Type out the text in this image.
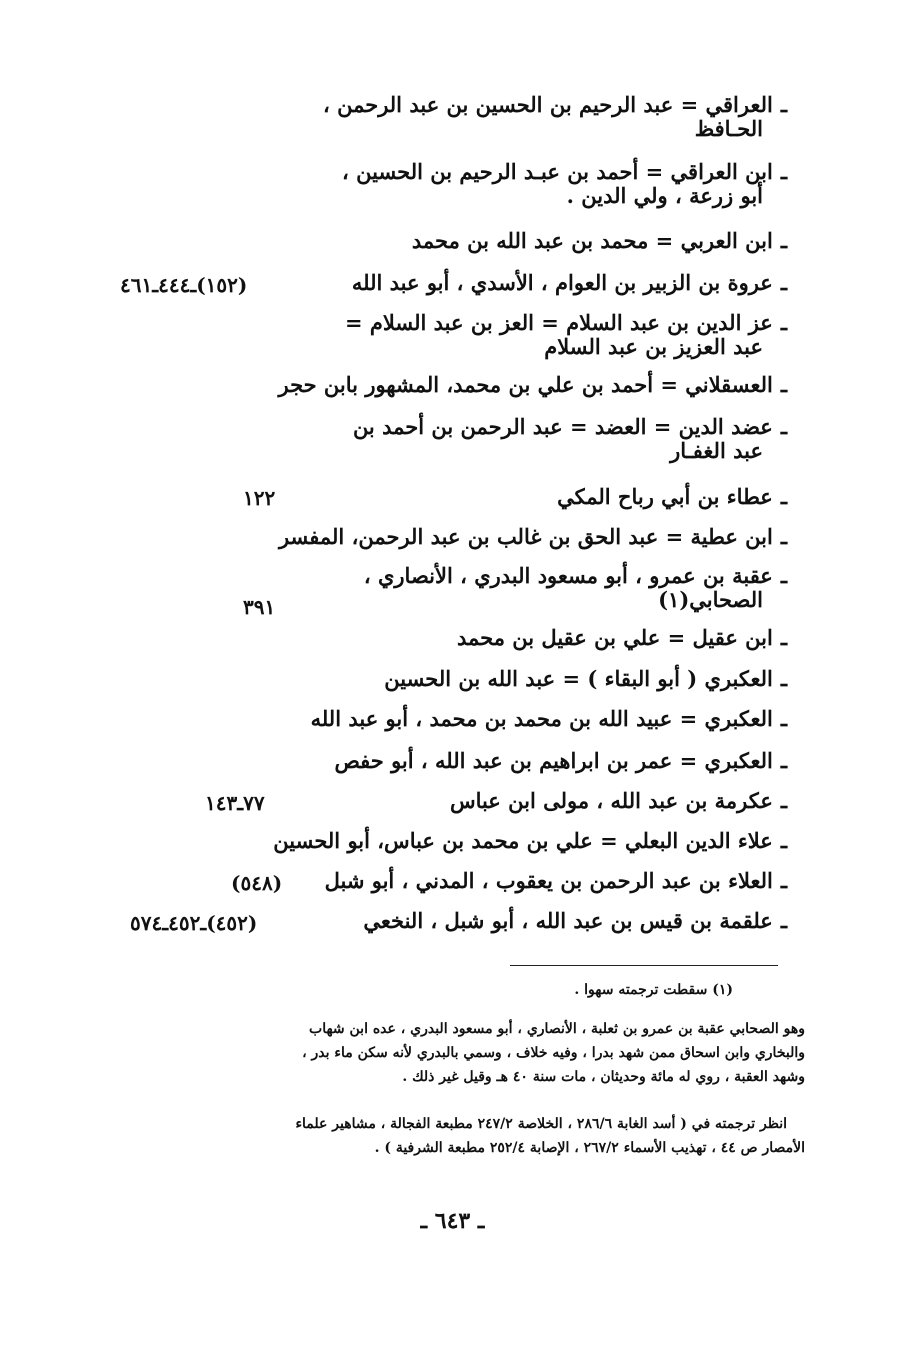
ـالعراقي = عبد الرحيم بن الحسين بن عبد الرحمن ،
الحـافظ
ـابن العراقي = أحمد بن عبـد الرحيم بن الحسين ،
أبو زرعة ، ولي الدين .
ـابن العربي = محمد بن عبد الله بن محمد
ـعروة بن الزبير بن العوام ، الأسدي ، أبو عبد الله
(١٥٢)ـ٤٤٤ـ٤٦١
ـعز الدين بن عبد السلام = العز بن عبد السلام =
عبد العزيز بن عبد السلام
ـالعسقلاني = أحمد بن علي بن محمد، المشهور بابن حجر
ـعضد الدين = العضد = عبد الرحمن بن أحمد بن
عبد الغفـار
ـعطاء بن أبي رباح المكي
١٢٢
ـابن عطية = عبد الحق بن غالب بن عبد الرحمن، المفسر
ـعقبة بن عمرو ، أبو مسعود البدري ، الأنصاري ،
الصحابي(١)
٣٩١
ـابن عقيل = علي بن عقيل بن محمد
ـالعكبري ( أبو البقاء ) = عبد الله بن الحسين
ـالعكبري = عبيد الله بن محمد بن محمد ، أبو عبد الله
ـالعكبري = عمر بن ابراهيم بن عبد الله ، أبو حفص
ـعكرمة بن عبد الله ، مولى ابن عباس
٧٧ـ١٤٣
ـعلاء الدين البعلي = علي بن محمد بن عباس، أبو الحسين
ـالعلاء بن عبد الرحمن بن يعقوب ، المدني ، أبو شبل
(٥٤٨)
ـعلقمة بن قيس بن عبد الله ، أبو شبل ، النخعي
(٤٥٢)ـ٤٥٢ـ٥٧٤
(١) سقطت ترجمته سهوا .
وهو الصحابي عقبة بن عمرو بن ثعلبة ، الأنصاري ، أبو مسعود البدري ، عده ابن شهاب
والبخاري وابن اسحاق ممن شهد بدرا ، وفيه خلاف ، وسمي بالبدري لأنه سكن ماء بدر ،
وشهد العقبة ، روي له مائة وحديثان ، مات سنة ٤٠ هـ وقيل غير ذلك .
انظر ترجمته في ( أسد الغابة ٢٨٦/٦ ، الخلاصة ٢٤٧/٢ مطبعة الفجالة ، مشاهير علماء
الأمصار ص ٤٤ ، تهذيب الأسماء ٢٦٧/٢ ، الإصابة ٢٥٢/٤ مطبعة الشرفية ) .
ـ ٦٤٣ ـ
